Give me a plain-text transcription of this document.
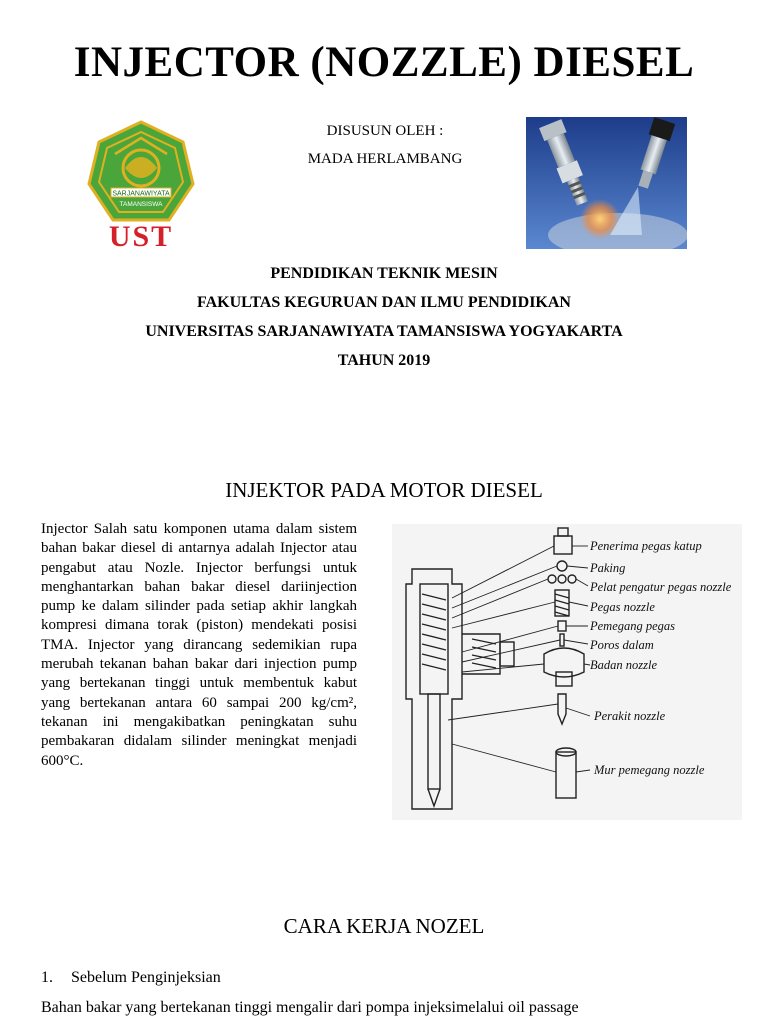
INJECTOR (NOZZLE) DIESEL
SARJANAWIYATA
TAMANSISWA
UST
DISUSUN OLEH :
MADA HERLAMBANG
PENDIDIKAN TEKNIK MESIN
FAKULTAS KEGURUAN DAN ILMU PENDIDIKAN
UNIVERSITAS SARJANAWIYATA TAMANSISWA YOGYAKARTA
TAHUN 2019
INJEKTOR PADA MOTOR DIESEL
Injector Salah satu komponen utama dalam sistem bahan bakar diesel di antarnya adalah Injector atau pengabut atau Nozle. Injector berfungsi untuk menghantarkan bahan bakar diesel dariinjection pump ke dalam silinder pada setiap akhir langkah kompresi dimana torak (piston) mendekati posisi TMA. Injector yang dirancang sedemikian rupa merubah tekanan bahan bakar dari injection pump yang bertekanan tinggi untuk membentuk kabut yang bertekanan antara 60 sampai 200 kg/cm², tekanan ini mengakibatkan peningkatan suhu pembakaran didalam silinder meningkat menjadi 600°C.
Penerima pegas katup
Paking
Pelat pengatur pegas nozzle
Pegas nozzle
Pemegang pegas
Poros dalam
Badan nozzle
Perakit nozzle
Mur pemegang nozzle
CARA KERJA NOZEL
1. Sebelum Penginjeksian
Bahan bakar yang bertekanan tinggi mengalir dari pompa injeksimelalui oil passage
